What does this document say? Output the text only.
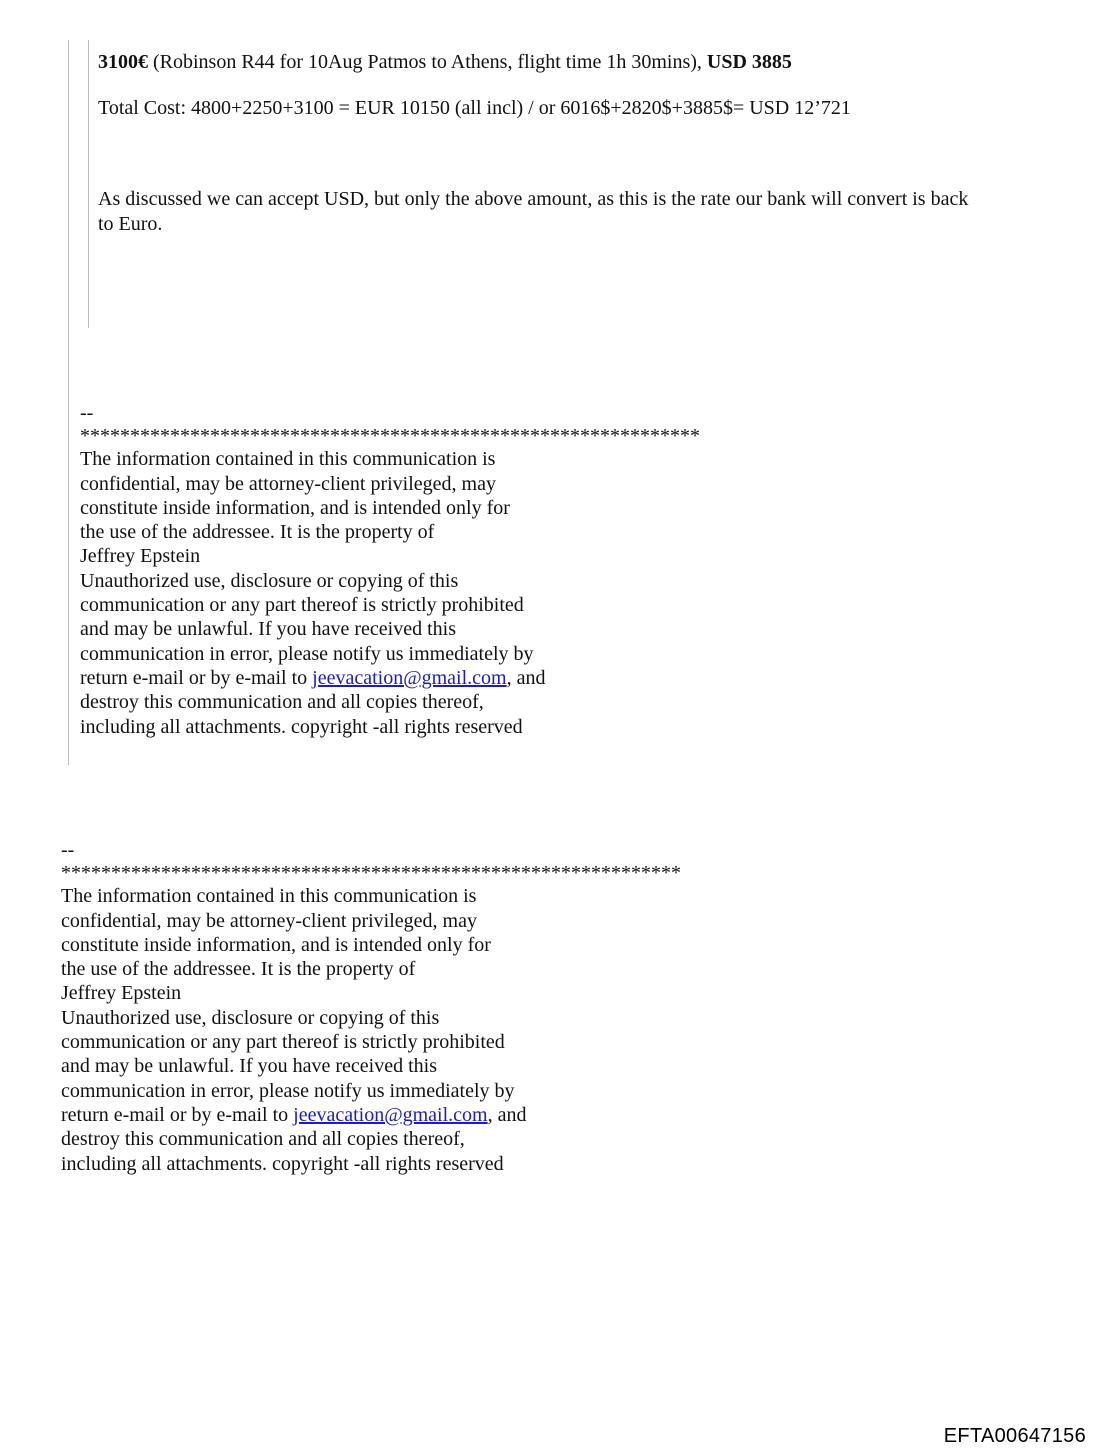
3100€ (Robinson R44 for 10Aug Patmos to Athens, flight time 1h 30mins), USD 3885
Total Cost: 4800+2250+3100 = EUR 10150 (all incl) / or 6016$+2820$+3885$= USD 12’721
As discussed we can accept USD, but only the above amount, as this is the rate our bank will convert is back
to Euro.
--
**************************************************************
The information contained in this communication is
confidential, may be attorney-client privileged, may
constitute inside information, and is intended only for
the use of the addressee. It is the property of
Jeffrey Epstein
Unauthorized use, disclosure or copying of this
communication or any part thereof is strictly prohibited
and may be unlawful. If you have received this
communication in error, please notify us immediately by
return e-mail or by e-mail to jeevacation@gmail.com, and
destroy this communication and all copies thereof,
including all attachments. copyright -all rights reserved
--
**************************************************************
The information contained in this communication is
confidential, may be attorney-client privileged, may
constitute inside information, and is intended only for
the use of the addressee. It is the property of
Jeffrey Epstein
Unauthorized use, disclosure or copying of this
communication or any part thereof is strictly prohibited
and may be unlawful. If you have received this
communication in error, please notify us immediately by
return e-mail or by e-mail to jeevacation@gmail.com, and
destroy this communication and all copies thereof,
including all attachments. copyright -all rights reserved
EFTA00647156
